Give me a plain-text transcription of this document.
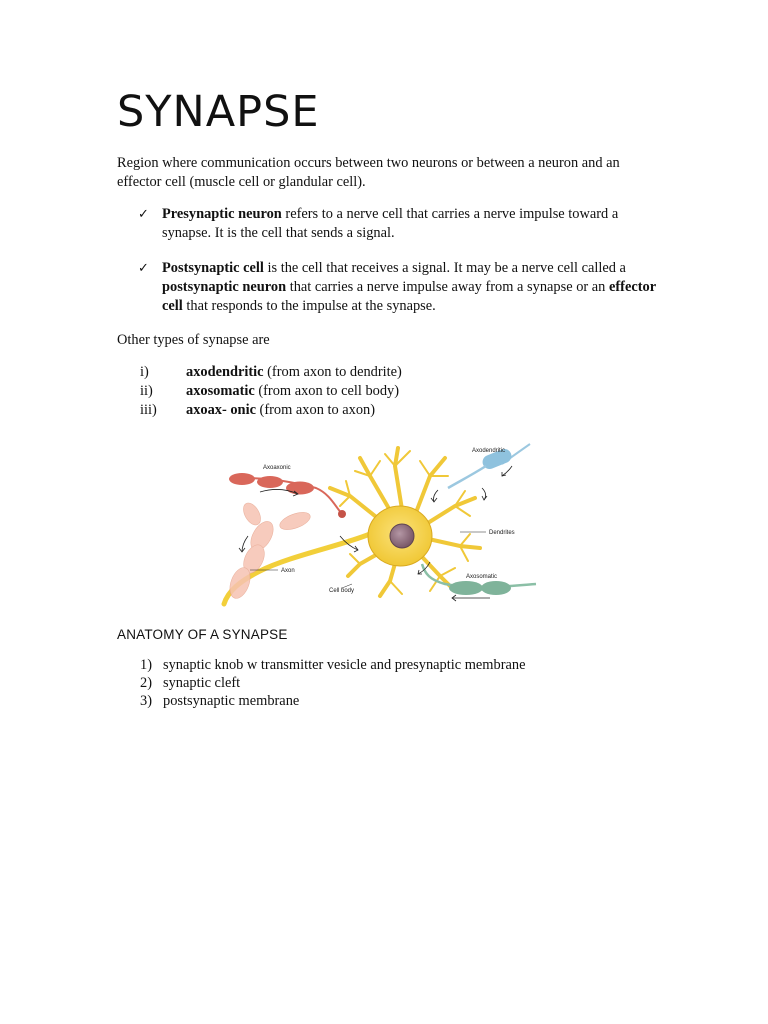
SYNAPSE

Region where communication occurs between two neurons or between a neuron and an effector cell (muscle cell or glandular cell).

✓ Presynaptic neuron refers to a nerve cell that carries a nerve impulse toward a synapse. It is the cell that sends a signal.
✓ Postsynaptic cell is the cell that receives a signal. It may be a nerve cell called a postsynaptic neuron that carries a nerve impulse away from a synapse or an effector cell that responds to the impulse at the synapse.

Other types of synapse are

i)	axodendritic (from axon to dendrite)
ii)	axosomatic (from axon to cell body)
iii)	axoax- onic (from axon to axon)
Axoaxonic
Axodendritic
Dendrites
Axon
Cell body
Axosomatic
ANATOMY OF A SYNAPSE
1) synaptic knob w transmitter vesicle and presynaptic membrane
2) synaptic cleft
3) postsynaptic membrane
